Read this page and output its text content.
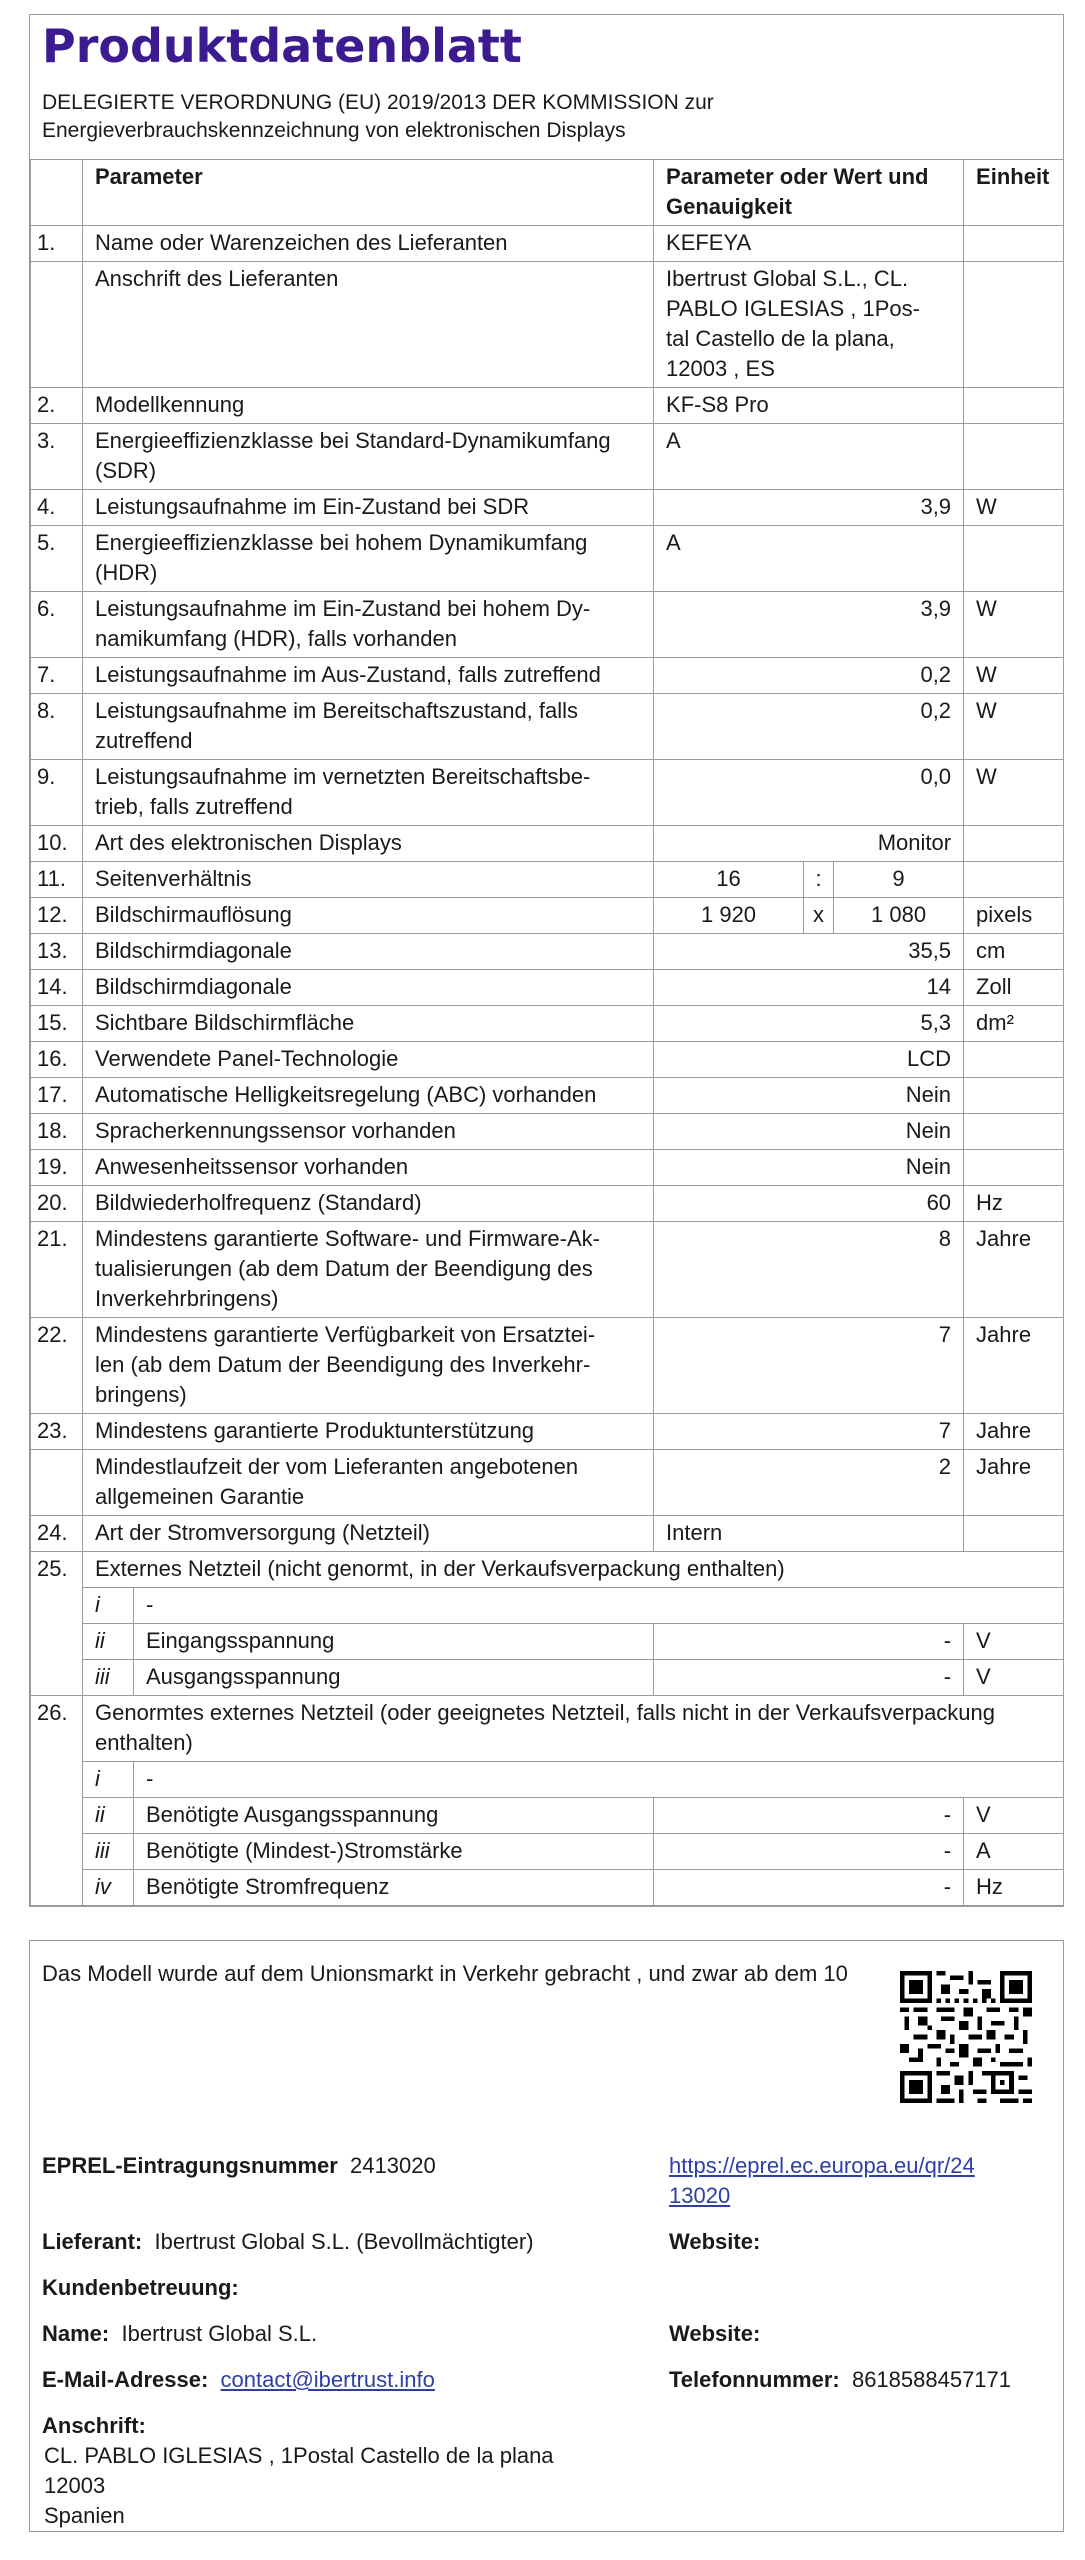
Produktdatenblatt
DELEGIERTE VERORDNUNG (EU) 2019/2013 DER KOMMISSION zur
Energieverbrauchskennzeichnung von elektronischen Displays
	Parameter		Parameter oder Wert und Genauigkeit			Einheit
1.	Name oder Warenzeichen des Lieferanten		KEFEYA			
	Anschrift des Lieferanten		Ibertrust Global S.L., CL.
PABLO IGLESIAS , 1Pos-
tal Castello de la plana,
12003 , ES			

2.	Modellkennung		KF-S8 Pro			
3.	Energieeffizienzklasse bei Standard-Dynamikumfang (SDR)		A			
4.	Leistungsaufnahme im Ein-Zustand bei SDR		3,9			W
5.	Energieeffizienzklasse bei hohem Dynamikumfang (HDR)		A			
6.	Leistungsaufnahme im Ein-Zustand bei hohem Dy-
namikumfang (HDR), falls vorhanden		3,9			W
7.	Leistungsaufnahme im Aus-Zustand, falls zutreffend		0,2			W
8.	Leistungsaufnahme im Bereitschaftszustand, falls
zutreffend		0,2			W
9.	Leistungsaufnahme im vernetzten Bereitschaftsbe-
trieb, falls zutreffend		0,0			W
10.	Art des elektronischen Displays		Monitor			
11.	Seitenverhältnis		16	:	9	
12.	Bildschirmauflösung		1 920	x	1 080	pixels
13.	Bildschirmdiagonale		35,5			cm
14.	Bildschirmdiagonale		14			Zoll
15.	Sichtbare Bildschirmfläche		5,3			dm²
16.	Verwendete Panel-Technologie		LCD			
17.	Automatische Helligkeitsregelung (ABC) vorhanden		Nein			
18.	Spracherkennungssensor vorhanden		Nein			
19.	Anwesenheitssensor vorhanden		Nein			
20.	Bildwiederholfrequenz (Standard)		60			Hz
21.	Mindestens garantierte Software- und Firmware-Ak-
tualisierungen (ab dem Datum der Beendigung des
Inverkehrbringens)		8			Jahre
22.	Mindestens garantierte Verfügbarkeit von Ersatztei-
len (ab dem Datum der Beendigung des Inverkehr-
bringens)		7			Jahre
23.	Mindestens garantierte Produktunterstützung		7			Jahre

	Mindestlaufzeit der vom Lieferanten angebotenen
allgemeinen Garantie		2			Jahre
24.	Art der Stromversorgung (Netzteil)		Intern			
25.	Externes Netzteil (nicht genormt, in der Verkaufsverpackung enthalten)					
	i	-				
	ii	Eingangsspannung	-			V
	iii	Ausgangsspannung	-			V
26.	Genormtes externes Netzteil (oder geeignetes Netzteil, falls nicht in der Verkaufsverpackung
enthalten)					

	i	-				
	ii	Benötigte Ausgangsspannung	-			V
	iii	Benötigte (Mindest-)Stromstärke	-			A
	iv	Benötigte Stromfrequenz	-			Hz
Das Modell wurde auf dem Unionsmarkt in Verkehr gebracht , und zwar ab dem 10
EPREL-Eintragungsnummer 2413020	https://eprel.ec.europa.eu/qr/24
13020
Lieferant: Ibertrust Global S.L. (Bevollmächtigter)	Website:
Kundenbetreuung:
Name: Ibertrust Global S.L.	Website:
E-Mail-Adresse: contact@ibertrust.info	Telefonnummer: 8618588457171
Anschrift:
CL. PABLO IGLESIAS , 1Postal Castello de la plana
12003
Spanien
